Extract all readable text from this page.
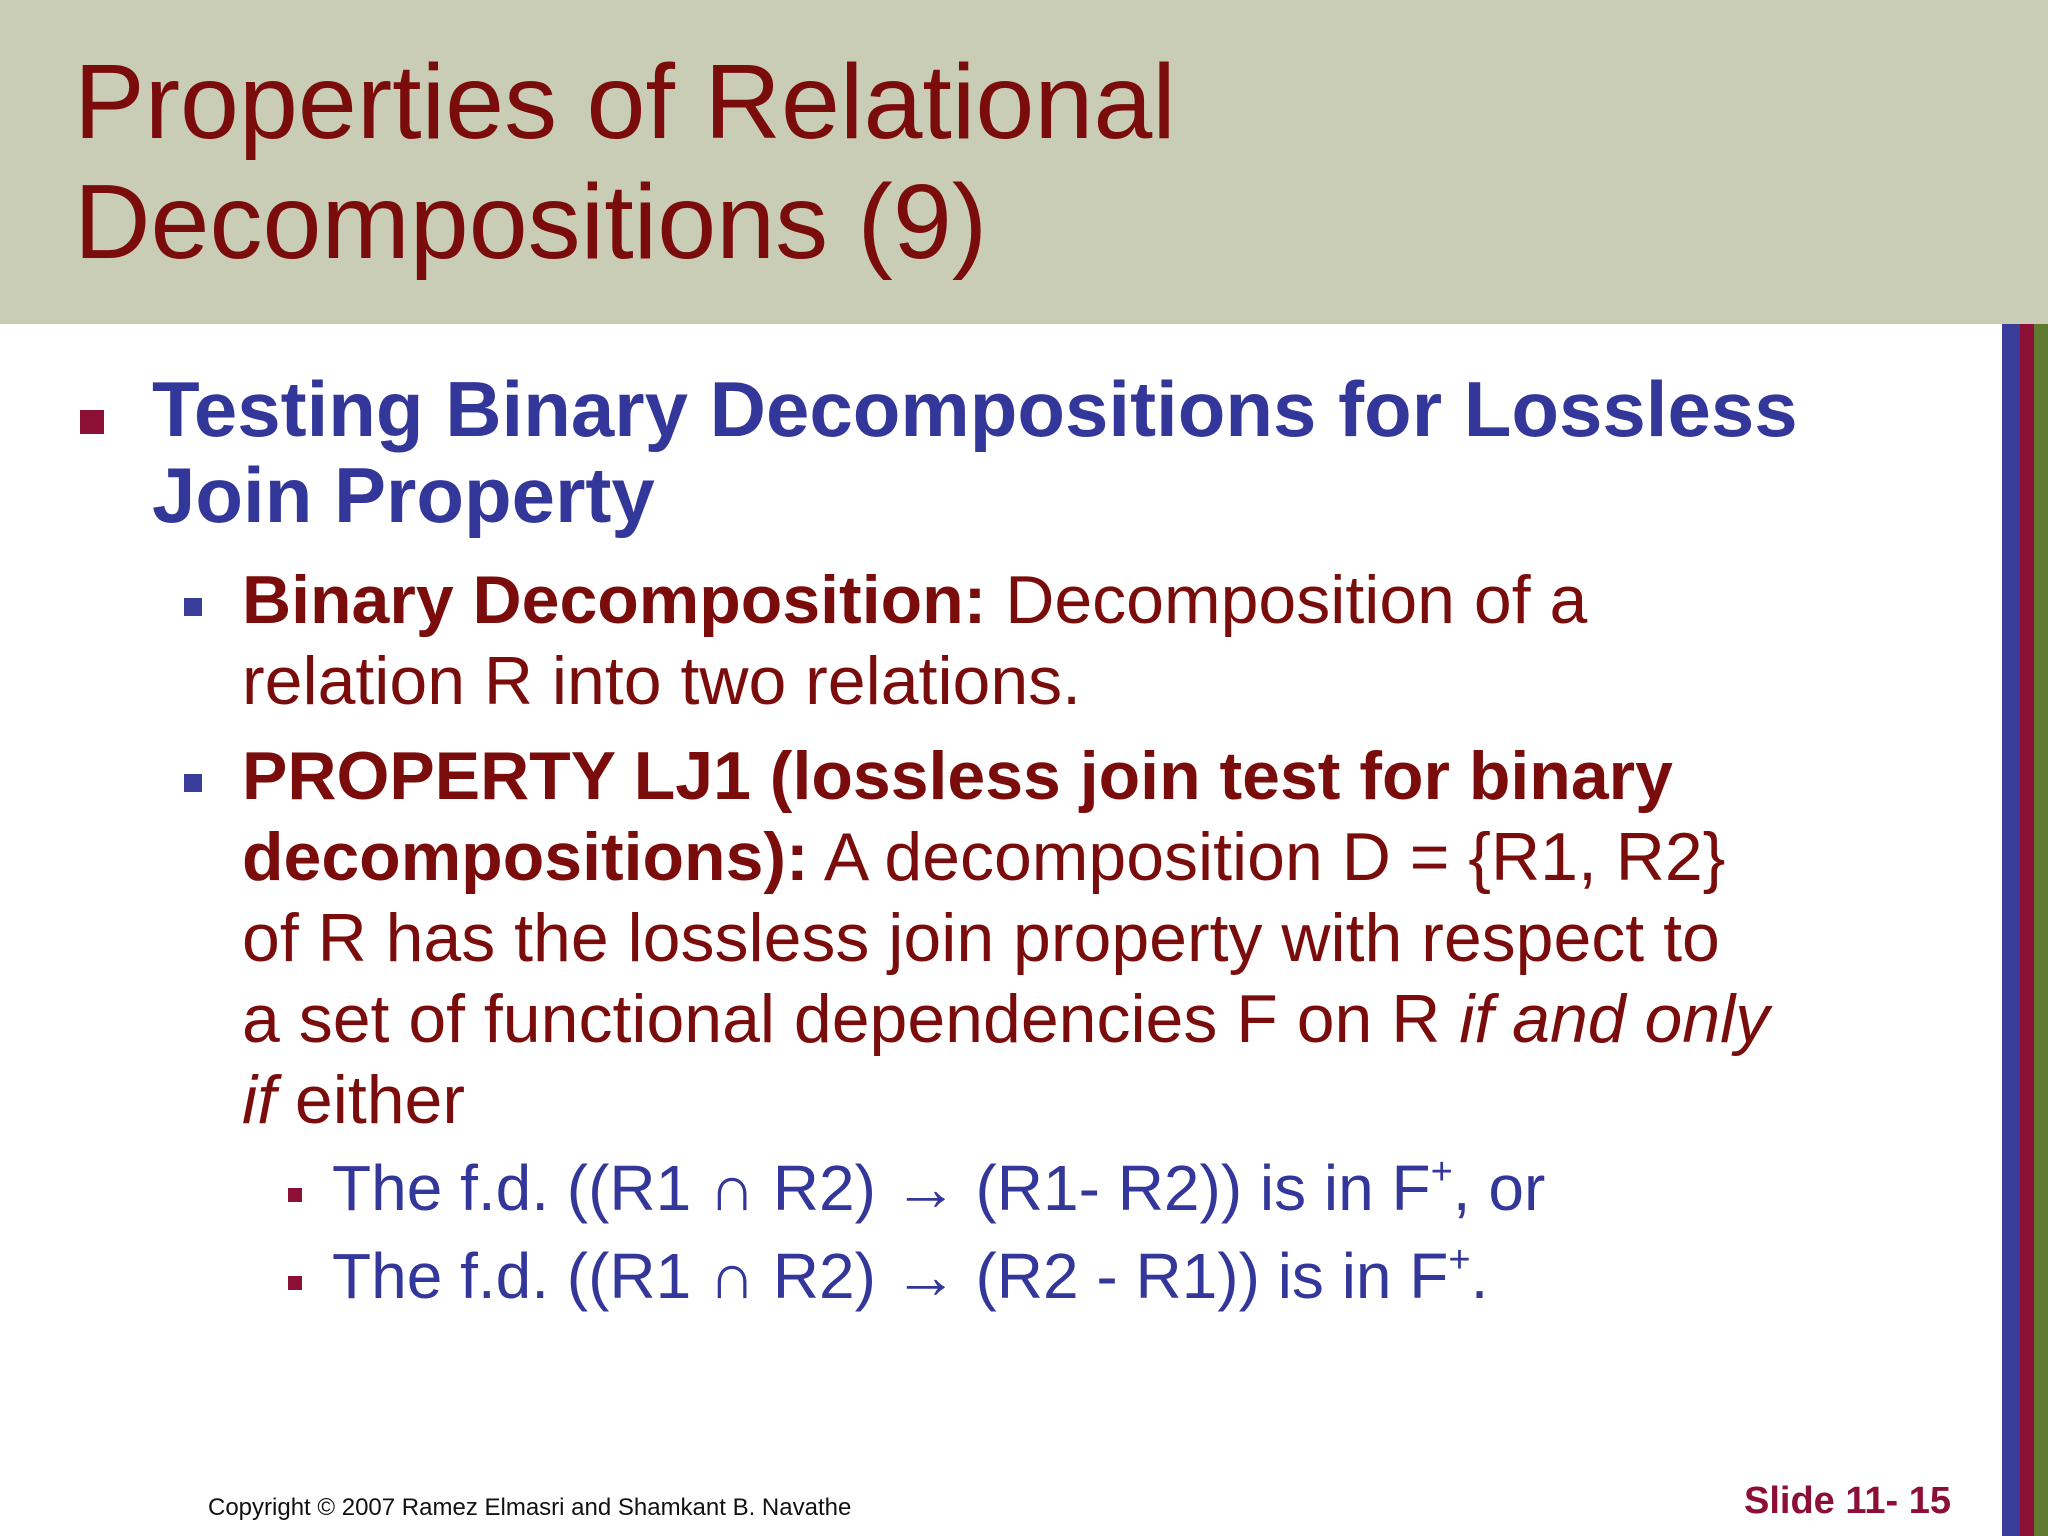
Properties of Relational
Decompositions (9)
Testing Binary Decompositions for Lossless
Join Property
Binary Decomposition: Decomposition of a
relation R into two relations.
PROPERTY LJ1 (lossless join test for binary
decompositions): A decomposition D = {R1, R2}
of R has the lossless join property with respect to
a set of functional dependencies F on R if and only
if either
The f.d. ((R1 ∩ R2) → (R1- R2)) is in F+, or
The f.d. ((R1 ∩ R2) → (R2 - R1)) is in F+.
Copyright © 2007 Ramez Elmasri and Shamkant B. Navathe	Slide 11- 15
